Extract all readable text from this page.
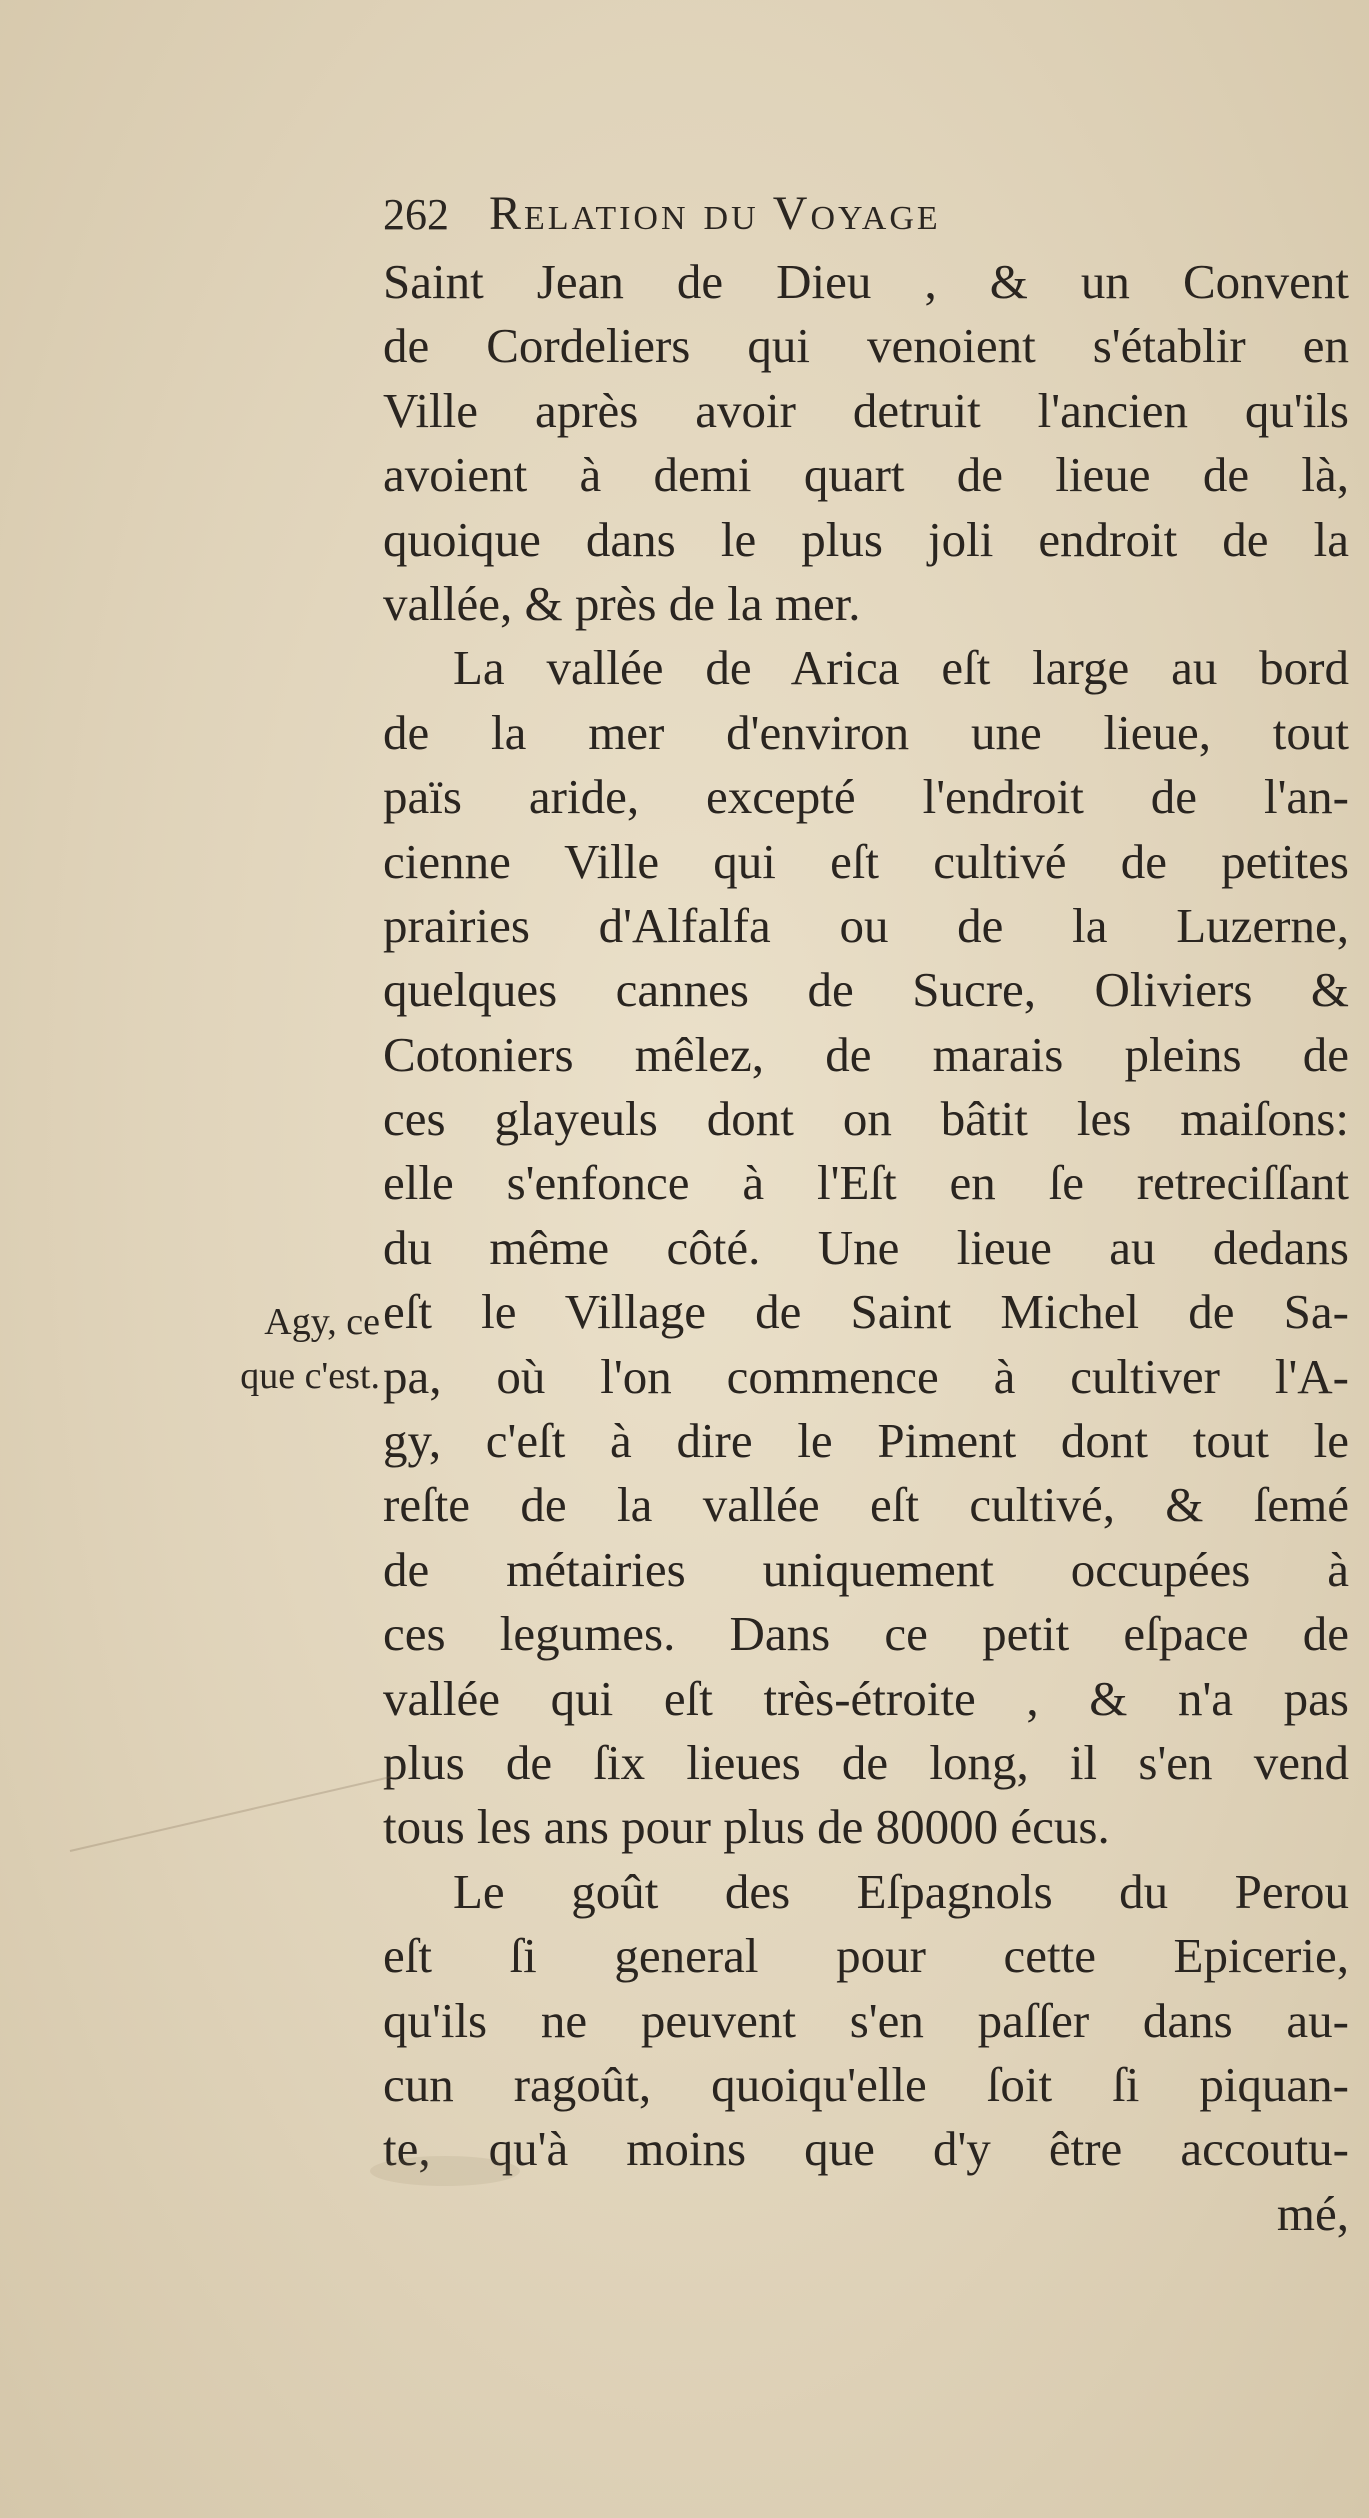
262 Relation du Voyage
Agy, ce
que c'est.
Saint Jean de Dieu , & un Convent
de Cordeliers qui venoient s'établir en
Ville après avoir detruit l'ancien qu'ils
avoient à demi quart de lieue de là,
quoique dans le plus joli endroit de la
vallée, & près de la mer.
La vallée de Arica eſt large au bord
de la mer d'environ une lieue, tout
païs aride, excepté l'endroit de l'an-
cienne Ville qui eſt cultivé de petites
prairies d'Alfalfa ou de la Luzerne,
quelques cannes de Sucre, Oliviers &
Cotoniers mêlez, de marais pleins de
ces glayeuls dont on bâtit les maiſons:
elle s'enfonce à l'Eſt en ſe retreciſſant
du même côté. Une lieue au dedans
eſt le Village de Saint Michel de Sa-
pa, où l'on commence à cultiver l'A-
gy, c'eſt à dire le Piment dont tout le
reſte de la vallée eſt cultivé, & ſemé
de métairies uniquement occupées à
ces legumes. Dans ce petit eſpace de
vallée qui eſt très-étroite , & n'a pas
plus de ſix lieues de long, il s'en vend
tous les ans pour plus de 80000 écus.
Le goût des Eſpagnols du Perou
eſt ſi general pour cette Epicerie,
qu'ils ne peuvent s'en paſſer dans au-
cun ragoût, quoiqu'elle ſoit ſi piquan-
te, qu'à moins que d'y être accoutu-
mé,
